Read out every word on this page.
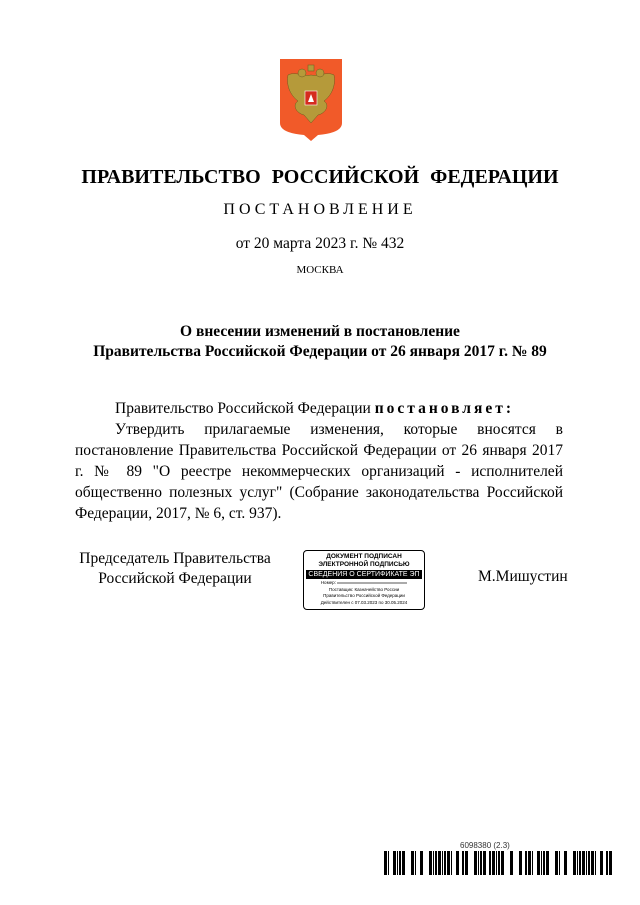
ПРАВИТЕЛЬСТВО РОССИЙСКОЙ ФЕДЕРАЦИИ
ПОСТАНОВЛЕНИЕ
от 20 марта 2023 г. № 432
МОСКВА
О внесении изменений в постановление
Правительства Российской Федерации от 26 января 2017 г. № 89

Правительство Российской Федерации постановляет:

Утвердить прилагаемые изменения, которые вносятся в постановление Правительства Российской Федерации от 26 января 2017 г. № 89 "О реестре некоммерческих организаций - исполнителей общественно полезных услуг" (Собрание законодательства Российской Федерации, 2017, № 6, ст. 937).

Председатель Правительства
Российской Федерации
ДОКУМЕНТ ПОДПИСАН
ЭЛЕКТРОННОЙ ПОДПИСЬЮ
СВЕДЕНИЯ О СЕРТИФИКАТЕ ЭП
Номер:
Поставщик: Казначейство России
Правительство Российской Федерации
Действителен с 07.03.2023 по 30.05.2024
М.Мишустин
6098380 (2.3)
